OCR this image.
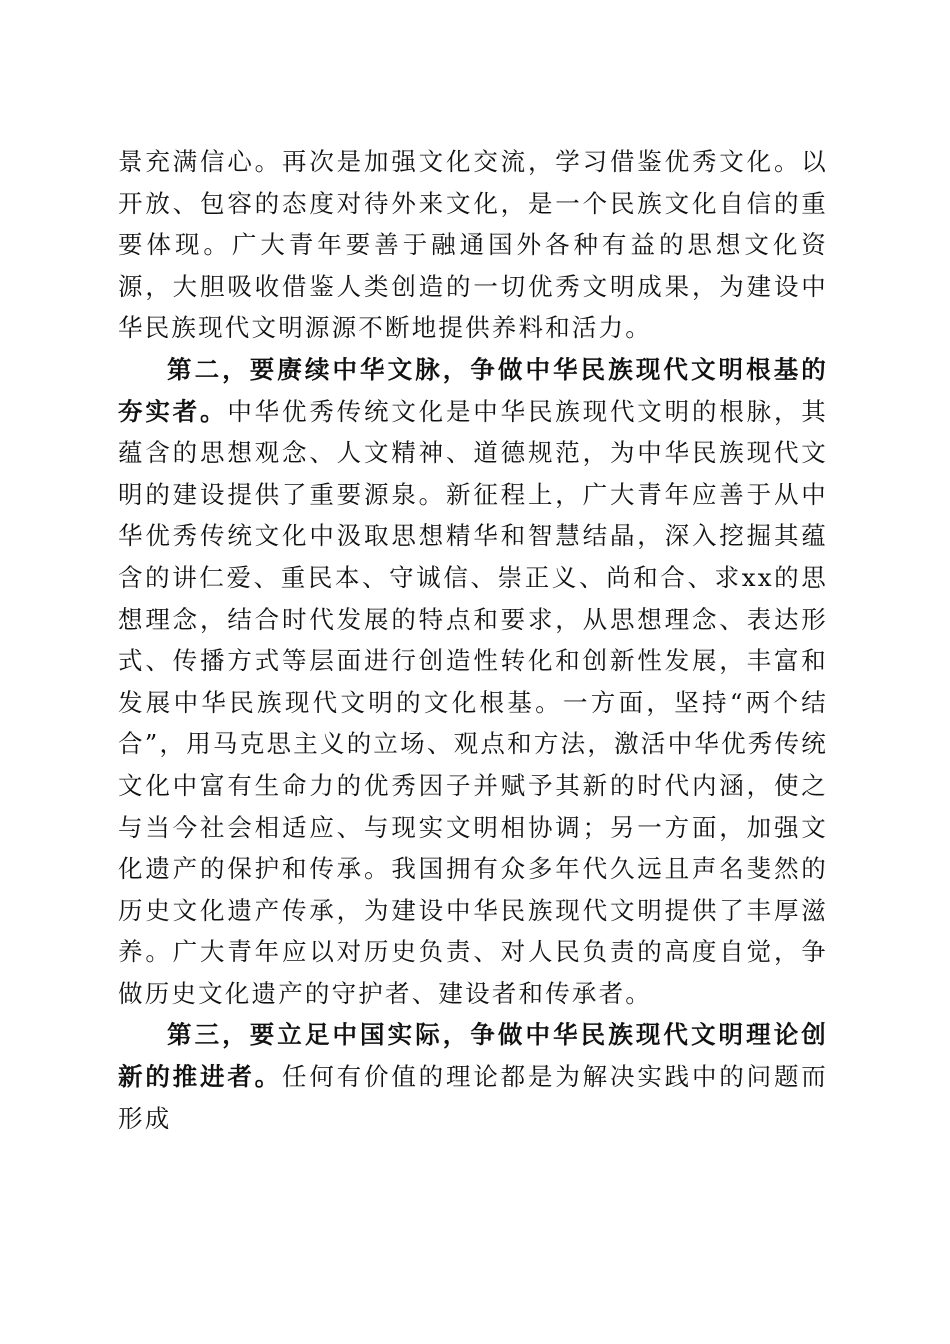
景充满信心。再次是加强文化交流，学习借鉴优秀文化。以开放、包容的态度对待外来文化，是一个民族文化自信的重要体现。广大青年要善于融通国外各种有益的思想文化资源，大胆吸收借鉴人类创造的一切优秀文明成果，为建设中华民族现代文明源源不断地提供养料和活力。

第二，要赓续中华文脉，争做中华民族现代文明根基的夯实者。中华优秀传统文化是中华民族现代文明的根脉，其蕴含的思想观念、人文精神、道德规范，为中华民族现代文明的建设提供了重要源泉。新征程上，广大青年应善于从中华优秀传统文化中汲取思想精华和智慧结晶，深入挖掘其蕴含的讲仁爱、重民本、守诚信、崇正义、尚和合、求xx的思想理念，结合时代发展的特点和要求，从思想理念、表达形式、传播方式等层面进行创造性转化和创新性发展，丰富和发展中华民族现代文明的文化根基。一方面，坚持“两个结合”，用马克思主义的立场、观点和方法，激活中华优秀传统文化中富有生命力的优秀因子并赋予其新的时代内涵，使之与当今社会相适应、与现实文明相协调；另一方面，加强文化遗产的保护和传承。我国拥有众多年代久远且声名斐然的历史文化遗产传承，为建设中华民族现代文明提供了丰厚滋养。广大青年应以对历史负责、对人民负责的高度自觉，争做历史文化遗产的守护者、建设者和传承者。

第三，要立足中国实际，争做中华民族现代文明理论创新的推进者。任何有价值的理论都是为解决实践中的问题而形成
